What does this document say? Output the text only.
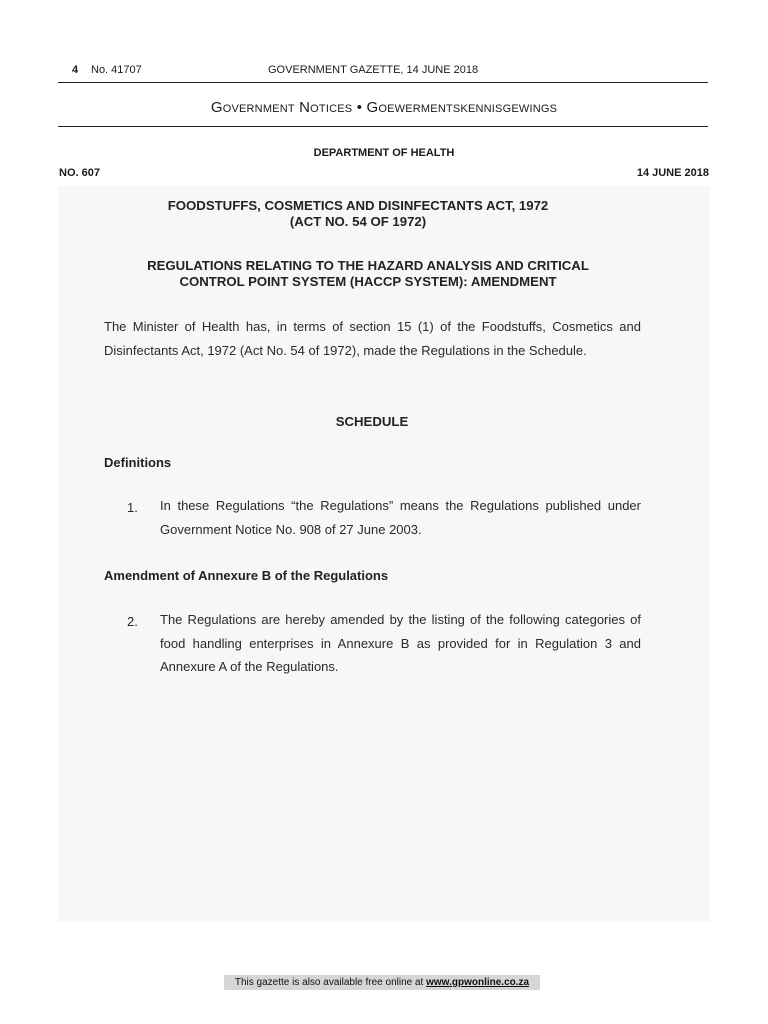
4 No. 41707	GOVERNMENT GAZETTE, 14 JUNE 2018
Government Notices • Goewermentskennisgewings
DEPARTMENT OF HEALTH
NO. 607	14 JUNE 2018
FOODSTUFFS, COSMETICS AND DISINFECTANTS ACT, 1972
(ACT NO. 54 OF 1972)
REGULATIONS RELATING TO THE HAZARD ANALYSIS AND CRITICAL
CONTROL POINT SYSTEM (HACCP SYSTEM): AMENDMENT
The Minister of Health has, in terms of section 15 (1) of the Foodstuffs, Cosmetics and Disinfectants Act, 1972 (Act No. 54 of 1972), made the Regulations in the Schedule.
SCHEDULE
Definitions
1. In these Regulations “the Regulations” means the Regulations published under Government Notice No. 908 of 27 June 2003.
Amendment of Annexure B of the Regulations
2. The Regulations are hereby amended by the listing of the following categories of food handling enterprises in Annexure B as provided for in Regulation 3 and Annexure A of the Regulations.
This gazette is also available free online at www.gpwonline.co.za
